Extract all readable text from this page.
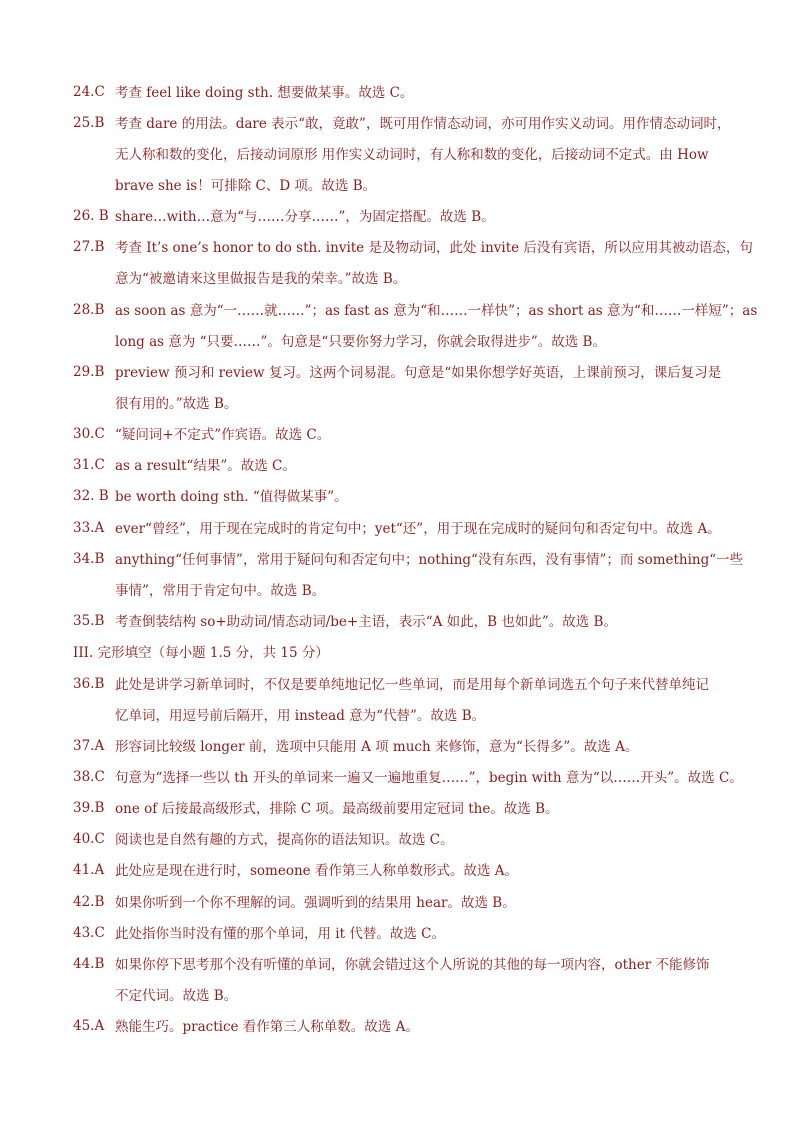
24.C 考查 feel like doing sth. 想要做某事。故选 C。
25.B 考查 dare 的用法。dare 表示“敢，竟敢”，既可用作情态动词，亦可用作实义动词。用作情态动词时，
无人称和数的变化，后接动词原形 用作实义动词时，有人称和数的变化，后接动词不定式。由 How
brave she is！可排除 C、D 项。故选 B。
26. B share…with…意为“与……分享……”，为固定搭配。故选 B。
27.B 考查 It’s one’s honor to do sth. invite 是及物动词，此处 invite 后没有宾语，所以应用其被动语态，句
意为“被邀请来这里做报告是我的荣幸。”故选 B。
28.B as soon as 意为“一……就……”；as fast as 意为“和……一样快”；as short as 意为“和……一样短”；as
long as 意为 “只要……”。句意是“只要你努力学习，你就会取得进步”。故选 B。
29.B preview 预习和 review 复习。这两个词易混。句意是“如果你想学好英语，上课前预习，课后复习是
很有用的。”故选 B。
30.C “疑问词+不定式”作宾语。故选 C。
31.C as a result“结果”。故选 C。
32. B be worth doing sth. “值得做某事”。
33.A ever“曾经”，用于现在完成时的肯定句中；yet“还”，用于现在完成时的疑问句和否定句中。故选 A。
34.B anything“任何事情”，常用于疑问句和否定句中；nothing“没有东西，没有事情”；而 something“一些
事情”，常用于肯定句中。故选 B。
35.B 考查倒装结构 so+助动词/情态动词/be+主语，表示“A 如此，B 也如此”。故选 B。
III. 完形填空（每小题 1.5 分，共 15 分）
36.B 此处是讲学习新单词时，不仅是要单纯地记忆一些单词，而是用每个新单词选五个句子来代替单纯记
忆单词，用逗号前后隔开，用 instead 意为“代替”。故选 B。
37.A 形容词比较级 longer 前，选项中只能用 A 项 much 来修饰，意为“长得多”。故选 A。
38.C 句意为“选择一些以 th 开头的单词来一遍又一遍地重复……”，begin with 意为“以……开头”。故选 C。
39.B one of 后接最高级形式，排除 C 项。最高级前要用定冠词 the。故选 B。
40.C 阅读也是自然有趣的方式，提高你的语法知识。故选 C。
41.A 此处应是现在进行时，someone 看作第三人称单数形式。故选 A。
42.B 如果你听到一个你不理解的词。强调听到的结果用 hear。故选 B。
43.C 此处指你当时没有懂的那个单词，用 it 代替。故选 C。
44.B 如果你停下思考那个没有听懂的单词，你就会错过这个人所说的其他的每一项内容，other 不能修饰
不定代词。故选 B。
45.A 熟能生巧。practice 看作第三人称单数。故选 A。
